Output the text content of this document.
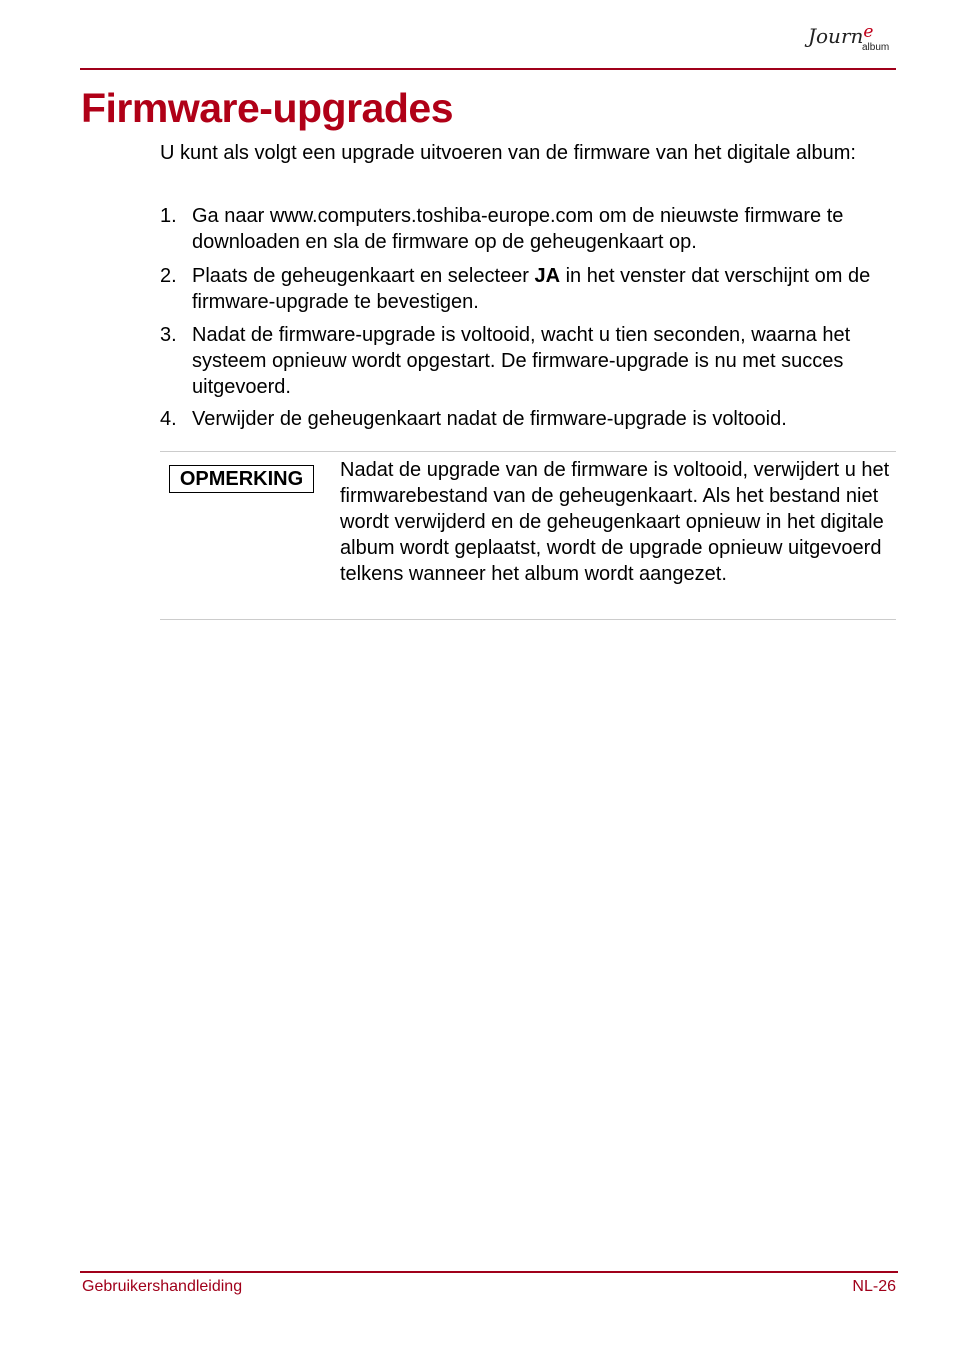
Journ$^e$
album
Firmware-upgrades

U kunt als volgt een upgrade uitvoeren van de firmware van het digitale album:

1. Ga naar www.computers.toshiba-europe.com om de nieuwste firmware te downloaden en sla de firmware op de geheugenkaart op.
2. Plaats de geheugenkaart en selecteer JA in het venster dat verschijnt om de firmware-upgrade te bevestigen.
3. Nadat de firmware-upgrade is voltooid, wacht u tien seconden, waarna het systeem opnieuw wordt opgestart. De firmware-upgrade is nu met succes uitgevoerd.
4. Verwijder de geheugenkaart nadat de firmware-upgrade is voltooid.
OPMERKING	Nadat de upgrade van de firmware is voltooid, verwijdert u het firmwarebestand van de geheugenkaart. Als het bestand niet wordt verwijderd en de geheugenkaart opnieuw in het digitale album wordt geplaatst, wordt de upgrade opnieuw uitgevoerd telkens wanneer het album wordt aangezet.
Gebruikershandleiding	NL-26
